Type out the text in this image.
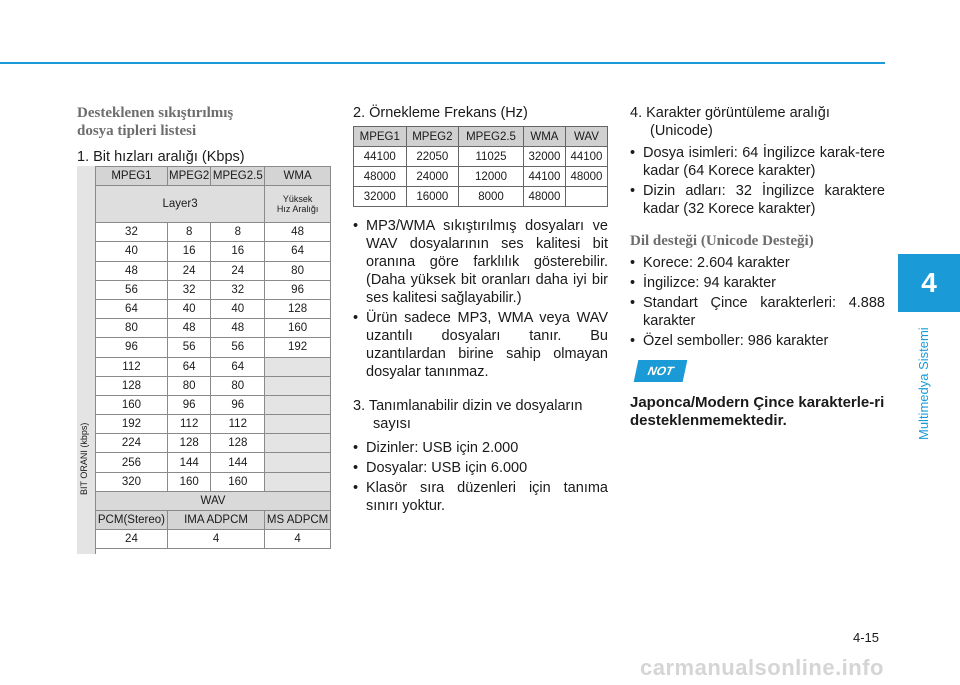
4
Multimedya Sistemi
Desteklenen sıkıştırılmış
dosya tipleri listesi

1. Bit hızları aralığı (Kbps)

MPEG1	MPEG2	MPEG2.5	WMA
Layer3			Yüksek
Hız Aralığı

32	8	8	48
40	16	16	64
48	24	24	80
56	32	32	96
64	40	40	128
80	48	48	160
96	56	56	192
112	64	64	
128	80	80	
160	96	96	
192	112	112	
224	128	128	
256	144	144	
320	160	160	
WAV			
PCM(Stereo)	IMA ADPCM		MS ADPCM
24	4		4
BIT ORANI (kbps)

2. Örnekleme Frekans (Hz)

MPEG1	MPEG2	MPEG2.5	WMA	WAV
44100	22050	11025	32000	44100
48000	24000	12000	44100	48000
32000	16000	8000	48000	
• MP3/WMA sıkıştırılmış dosyaları ve WAV dosyalarının ses kalitesi bit oranına göre farklılık gösterebilir. (Daha yüksek bit oranları daha iyi bir ses kalitesi sağlayabilir.)
• Ürün sadece MP3, WMA veya WAV uzantılı dosyaları tanır. Bu uzantılardan birine sahip olmayan dosyalar tanınmaz.

3. Tanımlanabilir dizin ve dosyaların

sayısı

• Dizinler: USB için 2.000
• Dosyalar: USB için 6.000
• Klasör sıra düzenleri için tanıma sınırı yoktur.

4. Karakter görüntüleme aralığı

(Unicode)

• Dosya isimleri: 64 İngilizce karak-tere kadar (64 Korece karakter)
• Dizin adları: 32 İngilizce karaktere kadar (32 Korece karakter)
Dil desteği (Unicode Desteği)
• Korece: 2.604 karakter
• İngilizce: 94 karakter
• Standart Çince karakterleri: 4.888 karakter
• Özel semboller: 986 karakter
NOT

Japonca/Modern Çince karakterle-ri desteklenmemektedir.

4-15
carmanualsonline.info
